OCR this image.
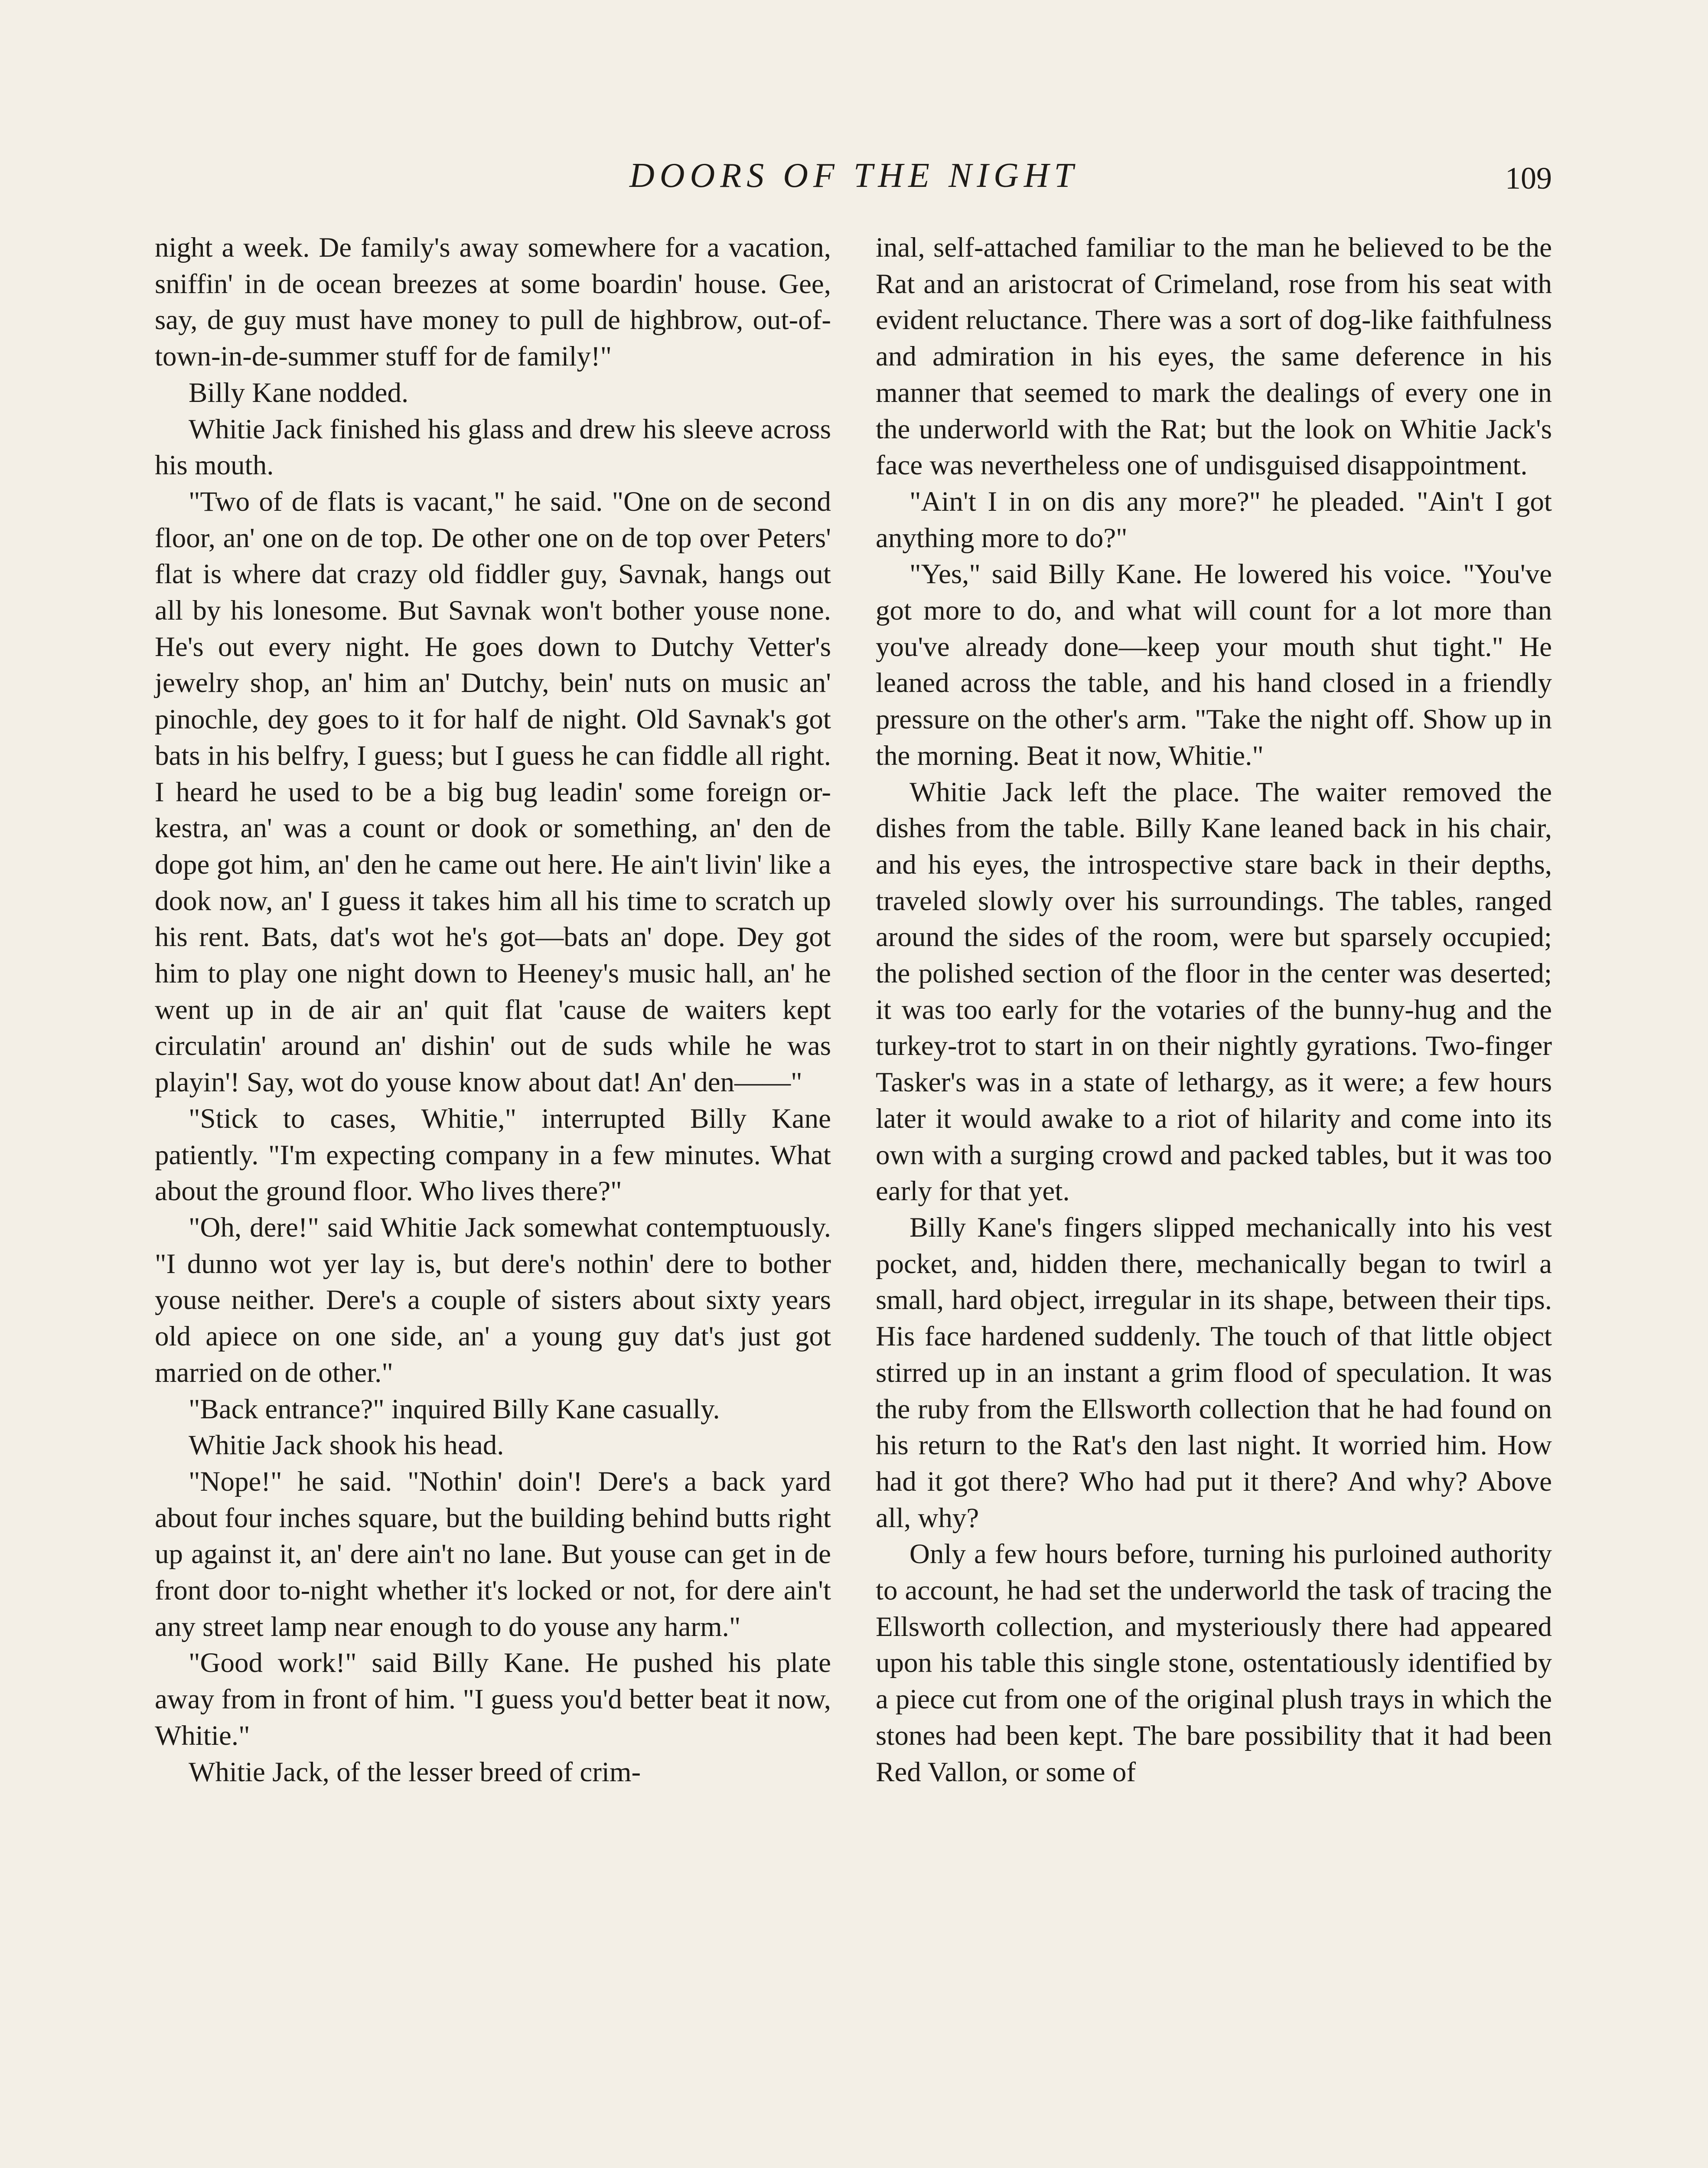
DOORS OF THE NIGHT	109

night a week. De family's away somewhere for a vacation, sniffin' in de ocean breezes at some boardin' house. Gee, say, de guy must have money to pull de highbrow, out-of-town-in-de-summer stuff for de family!"

Billy Kane nodded.

Whitie Jack finished his glass and drew his sleeve across his mouth.

"Two of de flats is vacant," he said. "One on de second floor, an' one on de top. De other one on de top over Peters' flat is where dat crazy old fiddler guy, Savnak, hangs out all by his lonesome. But Savnak won't bother youse none. He's out every night. He goes down to Dutchy Vetter's jewelry shop, an' him an' Dutchy, bein' nuts on music an' pinochle, dey goes to it for half de night. Old Savnak's got bats in his belfry, I guess; but I guess he can fiddle all right. I heard he used to be a big bug leadin' some foreign or-kestra, an' was a count or dook or something, an' den de dope got him, an' den he came out here. He ain't livin' like a dook now, an' I guess it takes him all his time to scratch up his rent. Bats, dat's wot he's got—bats an' dope. Dey got him to play one night down to Heeney's music hall, an' he went up in de air an' quit flat 'cause de waiters kept circulatin' around an' dishin' out de suds while he was playin'! Say, wot do youse know about dat! An' den——"

"Stick to cases, Whitie," interrupted Billy Kane patiently. "I'm expecting company in a few minutes. What about the ground floor. Who lives there?"

"Oh, dere!" said Whitie Jack somewhat contemptuously. "I dunno wot yer lay is, but dere's nothin' dere to bother youse neither. Dere's a couple of sisters about sixty years old apiece on one side, an' a young guy dat's just got married on de other."

"Back entrance?" inquired Billy Kane casually.

Whitie Jack shook his head.

"Nope!" he said. "Nothin' doin'! Dere's a back yard about four inches square, but the building behind butts right up against it, an' dere ain't no lane. But youse can get in de front door to-night whether it's locked or not, for dere ain't any street lamp near enough to do youse any harm."

"Good work!" said Billy Kane. He pushed his plate away from in front of him. "I guess you'd better beat it now, Whitie."

Whitie Jack, of the lesser breed of crim-

inal, self-attached familiar to the man he believed to be the Rat and an aristocrat of Crimeland, rose from his seat with evident reluctance. There was a sort of dog-like faithfulness and admiration in his eyes, the same deference in his manner that seemed to mark the dealings of every one in the underworld with the Rat; but the look on Whitie Jack's face was nevertheless one of undisguised disappointment.

"Ain't I in on dis any more?" he pleaded. "Ain't I got anything more to do?"

"Yes," said Billy Kane. He lowered his voice. "You've got more to do, and what will count for a lot more than you've already done—keep your mouth shut tight." He leaned across the table, and his hand closed in a friendly pressure on the other's arm. "Take the night off. Show up in the morning. Beat it now, Whitie."

Whitie Jack left the place. The waiter removed the dishes from the table. Billy Kane leaned back in his chair, and his eyes, the introspective stare back in their depths, traveled slowly over his surroundings. The tables, ranged around the sides of the room, were but sparsely occupied; the polished section of the floor in the center was deserted; it was too early for the votaries of the bunny-hug and the turkey-trot to start in on their nightly gyrations. Two-finger Tasker's was in a state of lethargy, as it were; a few hours later it would awake to a riot of hilarity and come into its own with a surging crowd and packed tables, but it was too early for that yet.

Billy Kane's fingers slipped mechanically into his vest pocket, and, hidden there, mechanically began to twirl a small, hard object, irregular in its shape, between their tips. His face hardened suddenly. The touch of that little object stirred up in an instant a grim flood of speculation. It was the ruby from the Ellsworth collection that he had found on his return to the Rat's den last night. It worried him. How had it got there? Who had put it there? And why? Above all, why?

Only a few hours before, turning his purloined authority to account, he had set the underworld the task of tracing the Ellsworth collection, and mysteriously there had appeared upon his table this single stone, ostentatiously identified by a piece cut from one of the original plush trays in which the stones had been kept. The bare possibility that it had been Red Vallon, or some of
